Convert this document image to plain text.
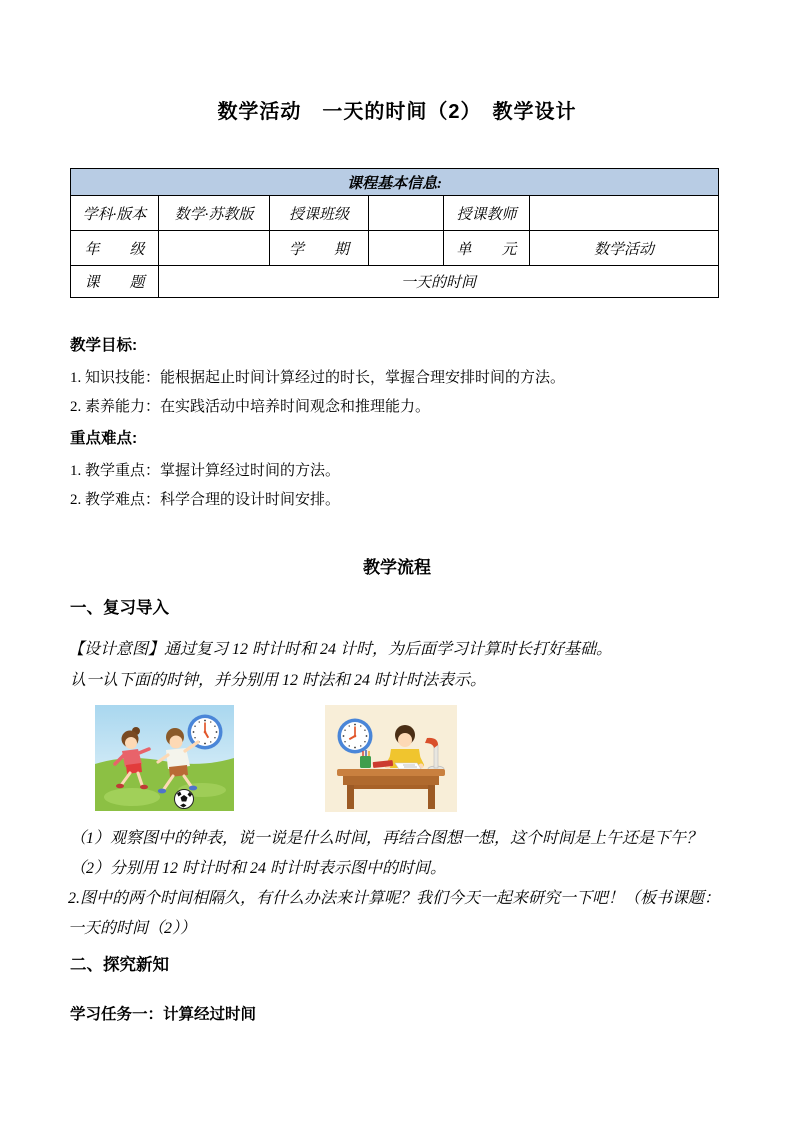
数学活动　一天的时间（2）　教学设计
课程基本信息:					
学科·版本	数学·苏教版	授课班级		授课教师	
年　　级		学　　期		单　　元	数学活动
课　　题	一天的时间				
教学目标:
1. 知识技能：能根据起止时间计算经过的时长，掌握合理安排时间的方法。
2. 素养能力：在实践活动中培养时间观念和推理能力。
重点难点:
1. 教学重点：掌握计算经过时间的方法。
2. 教学难点：科学合理的设计时间安排。
教学流程
一、复习导入
【设计意图】通过复习 12 时计时和 24 计时，为后面学习计算时长打好基础。
认一认下面的时钟，并分别用 12 时法和 24 时计时法表示。
（1）观察图中的钟表，说一说是什么时间，再结合图想一想，这个时间是上午还是下午？
（2）分别用 12 时计时和 24 时计时表示图中的时间。
2.图中的两个时间相隔久，有什么办法来计算呢？我们今天一起来研究一下吧！（板书课题：
一天的时间（2））
二、探究新知
学习任务一：计算经过时间
